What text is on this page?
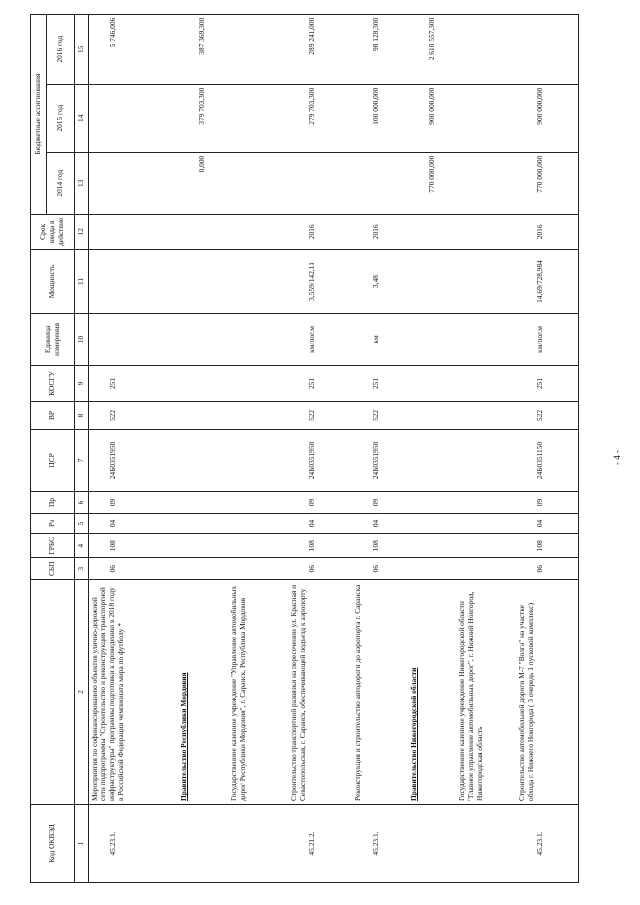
Код ОКВЭД		СБП	ГРБС	Рз	Пр	ЦСР	ВР	КОСГУ	Единица измерения	Мощность	Срок ввода в действие	Бюджетные ассигнования		
												2014 год	2015 год	2016 год

1	2	3	4	5	6	7	8	9	10	11	12	13	14	15
45.23.1.	Мероприятия по софинансированию объектов улично-дорожной сети подпрограммы "Строительство и реконструкция транспортной инфраструктуры" программы подготовки к проведению в 2018 году в Российской Федерации чемпионата мира по футболу *	06	108	04	09	24Б0351950	522	251						5 746,006
	Правительство Республики Мордовия											0,000	379 703,300	387 369,300
	Государственное казенное учреждение "Управление автомобильных дорог Республики Мордовия", г. Саранск, Республика Мордовия													
45.21.2.	Строительство транспортной развязки на пересечении ул. Красная и Севастопольская, г. Саранск, обеспечивающей подъезд к аэропорту	06	108	04	09	24Б0351950	522	251	км/пог.м	3,559/142,11	2016		279 703,300	289 241,000
45.23.1.	Реконструкция и строительство автодороги до аэропорта г. Саранска	06	108	04	09	24Б0351950	522	251	км	3,48	2016		100 000,000	98 128,300
	Правительство Нижегородской области											770 000,000	900 000,000	2 610 557,300
	Государственное казенное учреждение Нижегородской области "Главное управление автомобильных дорог", г. Нижний Новгород, Нижегородская область													
45.23.1.	Строительство автомобильной дороги М-7 "Волга" на участке обхода г. Нижнего Новгорода ( 3 очередь 1 пусковой комплекс)	06	108	04	09	24Б0351150	522	251	км/пог.м	14,69/728,984	2016	770 000,000	900 000,000	
- 4 -
